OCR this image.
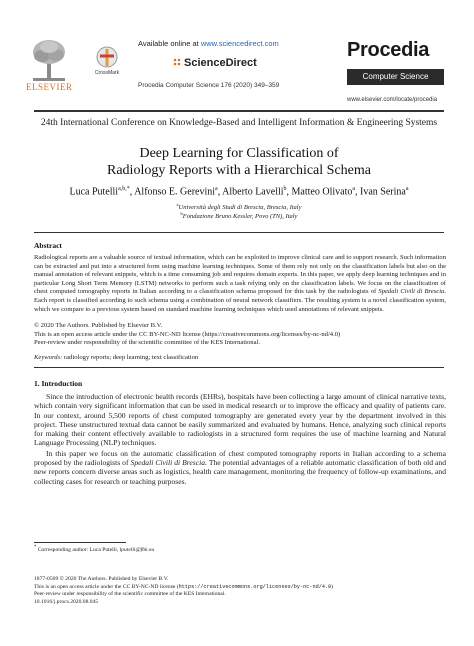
ELSEVIER
CrossMark
Available online at www.sciencedirect.com
ScienceDirect
Procedia Computer Science 176 (2020) 349–359
Procedia
Computer Science
www.elsevier.com/locate/procedia
24th International Conference on Knowledge-Based and Intelligent Information & Engineering Systems
Deep Learning for Classification of
Radiology Reports with a Hierarchical Schema
Luca Putelli$^{a,b,*}$, Alfonso E. Gerevini$^a$, Alberto Lavelli$^b$, Matteo Olivato$^a$, Ivan Serina$^a$
$^a$Università degli Studi di Brescia, Brescia, Italy
$^b$Fondazione Bruno Kessler, Povo (TN), Italy
Abstract

Radiological reports are a valuable source of textual information, which can be exploited to improve clinical care and to support research. Such information can be extracted and put into a structured form using machine learning techniques. Some of them rely not only on the classification labels but also on the manual annotation of relevant snippets, which is a time consuming job and requires domain experts. In this paper, we apply deep learning techniques and in particular Long Short Term Memory (LSTM) networks to perform such a task relying only on the classification labels. We focus on the classification of chest computed tomography reports in Italian according to a classification schema proposed for this task by the radiologists of Spedali Civili di Brescia. Each report is classified according to such schema using a combination of neural network classifiers. The resulting system is a novel classification system, which we compare to a previous system based on standard machine learning techniques which used annotations of relevant snippets.

© 2020 The Authors. Published by Elsevier B.V.
This is an open access article under the CC BY-NC-ND license (https://creativecommons.org/licenses/by-nc-nd/4.0)
Peer-review under responsibility of the scientific committee of the KES International.
Keywords: radiology reports; deep learning; text classification
1. Introduction

Since the introduction of electronic health records (EHRs), hospitals have been collecting a large amount of clinical narrative texts, which contain very significant information that can be used in medical research or to improve the efficacy and quality of patients care. In our context, around 5,500 reports of chest computed tomography are generated every year by the department involved in this project. These unstructured textual data cannot be easily summarized and evaluated by humans. Hence, analyzing such clinical reports for making their content effectively available to radiologists in a structured form requires the use of machine learning and Natural Language Processing (NLP) techniques.

In this paper we focus on the automatic classification of chest computed tomography reports in Italian according to a schema proposed by the radiologists of Spedali Civili di Brescia. The potential advantages of a reliable automatic classification of both old and new reports concern diverse areas such as logistics, health care management, monitoring the frequency of follow-up examinations, and collecting cases for research or teaching purposes.

* Corresponding author: Luca Putelli, lputelli@fbk.eu
1877-0509 © 2020 The Authors. Published by Elsevier B.V.
This is an open access article under the CC BY-NC-ND license (https://creativecommons.org/licenses/by-nc-nd/4.0)
Peer-review under responsibility of the scientific committee of the KES International.
10.1016/j.procs.2020.08.045
